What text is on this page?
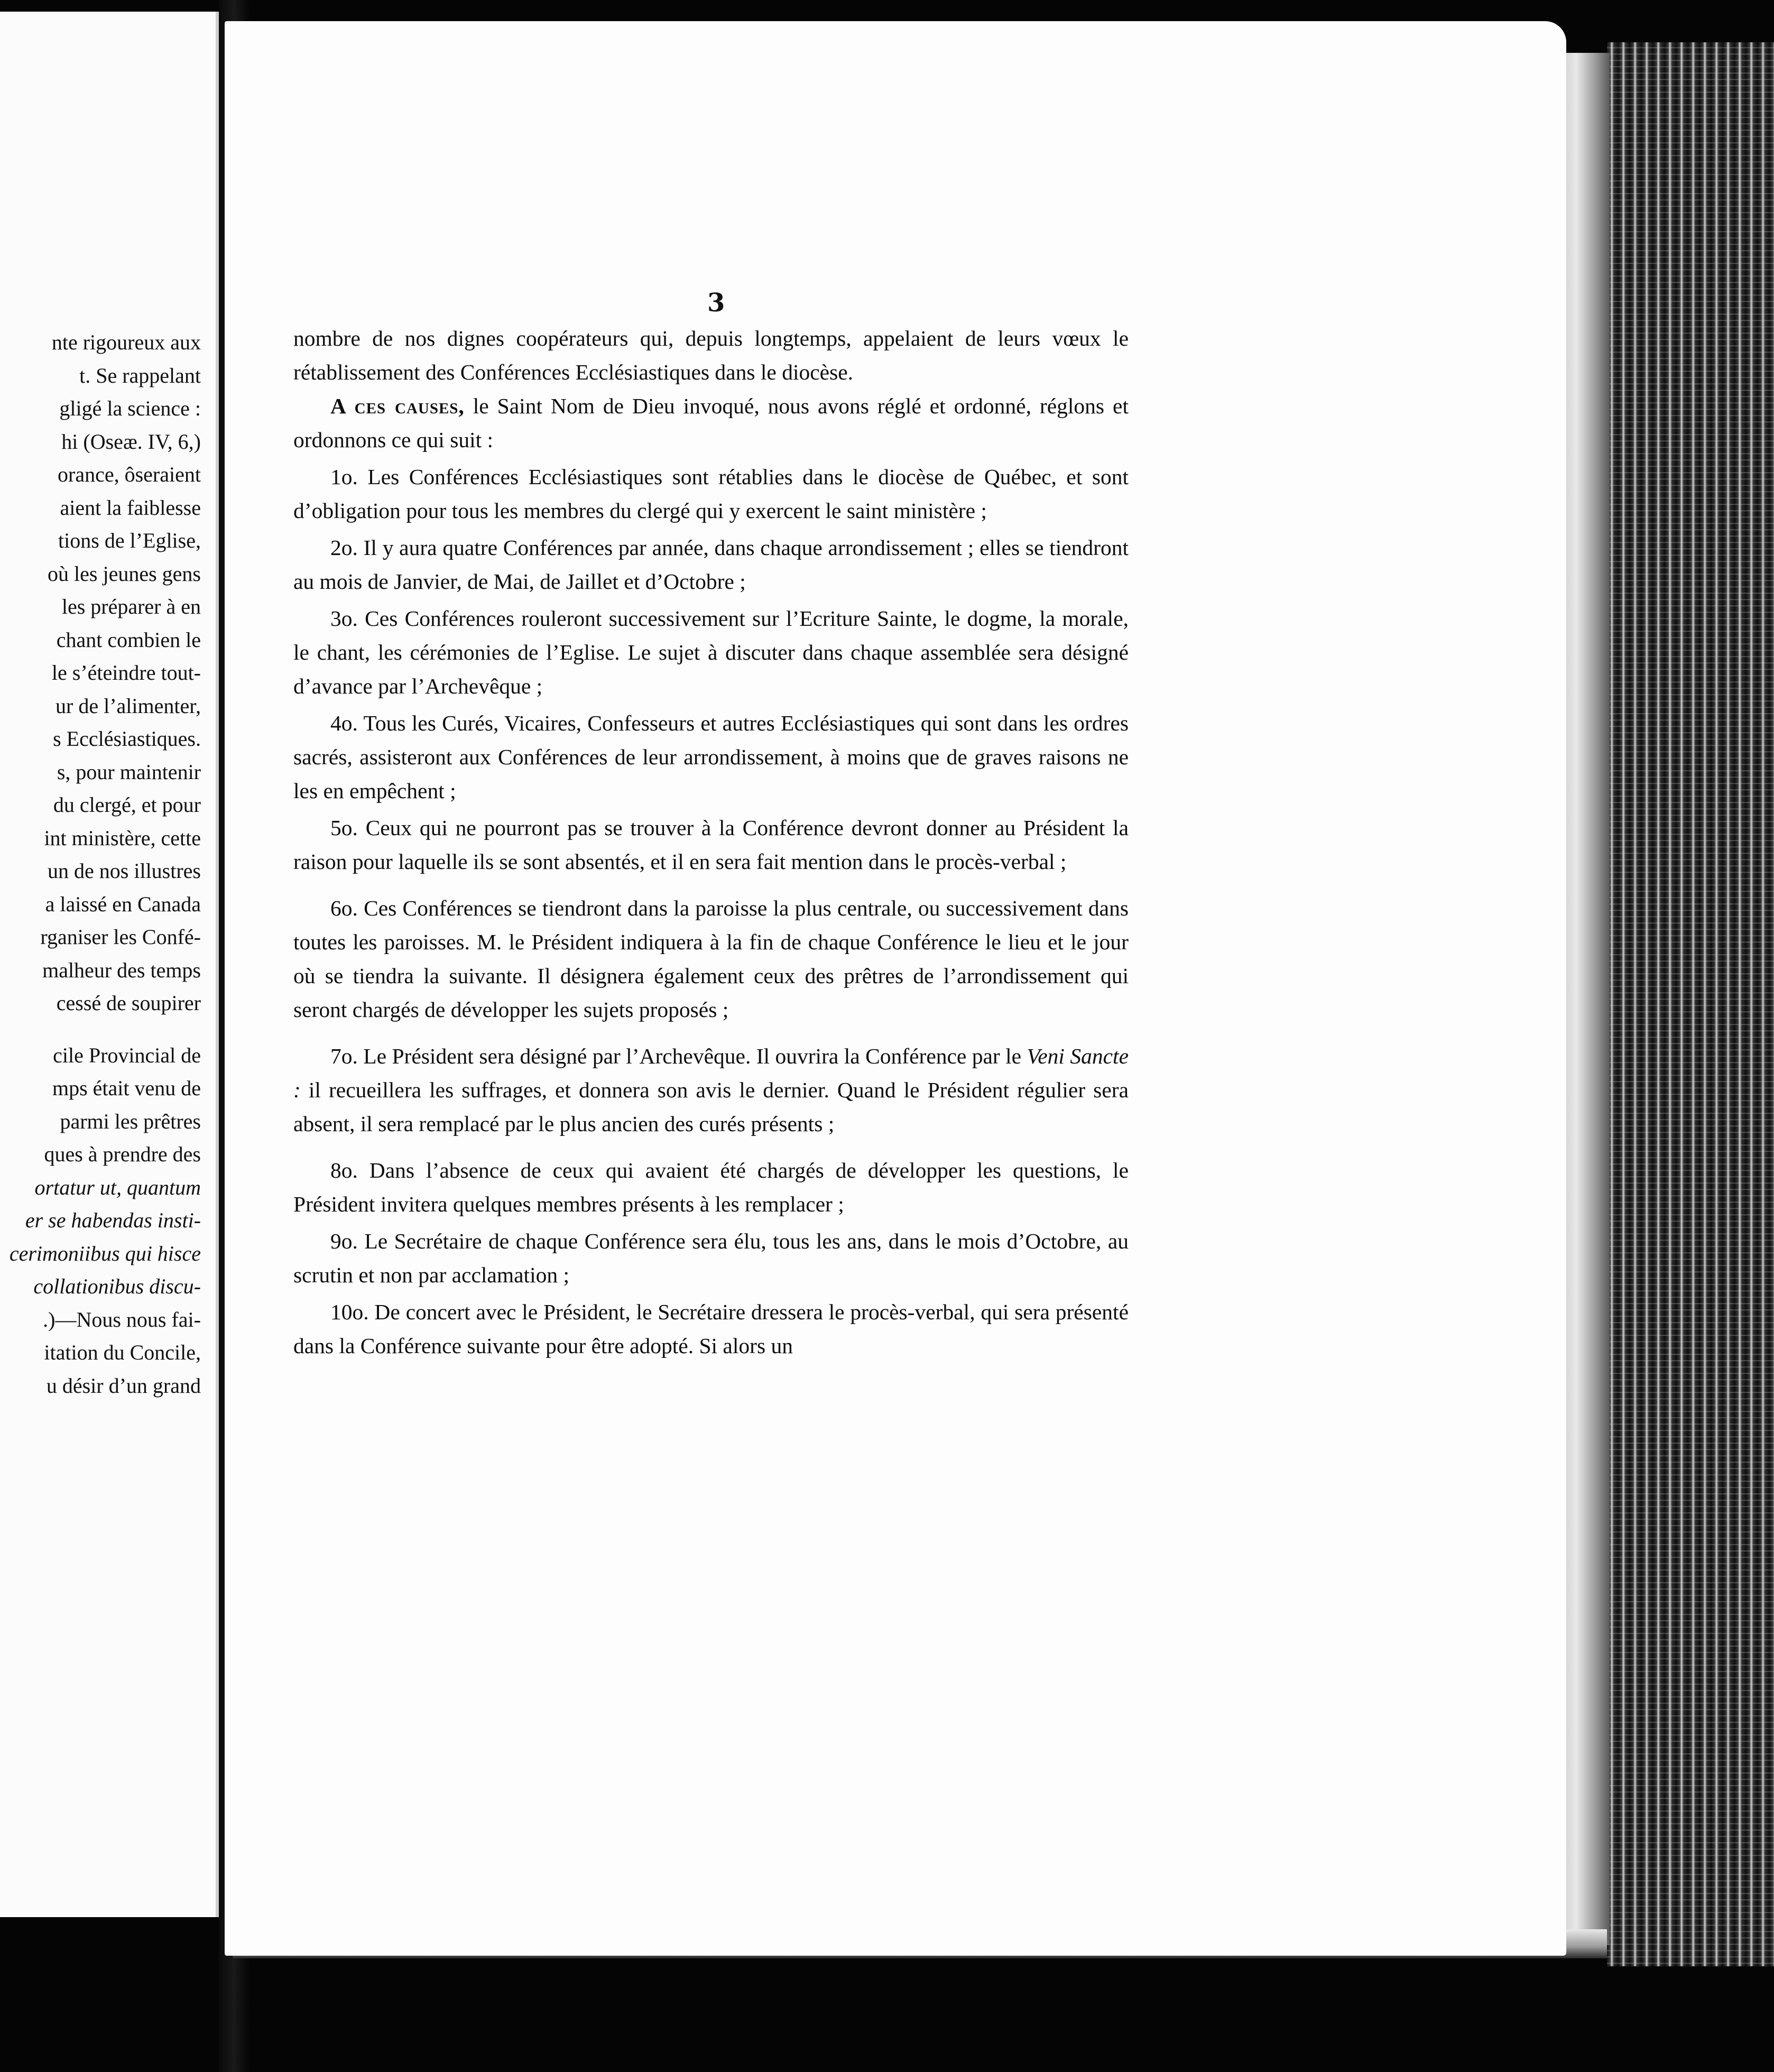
nte rigoureux aux
t. Se rappelant
gligé la science :
hi (Oseæ. IV, 6,)
orance, ôseraient
aient la faiblesse
tions de l’Eglise,
où les jeunes gens
les préparer à en
chant combien le
le s’éteindre tout-
ur de l’alimenter,
s Ecclésiastiques.
s, pour maintenir
du clergé, et pour
int ministère, cette
un de nos illustres
a laissé en Canada
rganiser les Confé-
malheur des temps
cessé de soupirer
cile Provincial de
mps était venu de
parmi les prêtres
ques à prendre des
ortatur ut, quantum
er se habendas insti-
cerimoniibus qui hisce
collationibus discu-
.)—Nous nous fai-
itation du Concile,
u désir d’un grand
3

nombre de nos dignes coopérateurs qui, depuis longtemps, appelaient de leurs vœux le rétablissement des Conférences Ecclésiastiques dans le diocèse.

A ces causes, le Saint Nom de Dieu invoqué, nous avons réglé et ordonné, réglons et ordonnons ce qui suit :

1o. Les Conférences Ecclésiastiques sont rétablies dans le diocèse de Québec, et sont d’obligation pour tous les membres du clergé qui y exercent le saint ministère ;

2o. Il y aura quatre Conférences par année, dans chaque arrondissement ; elles se tiendront au mois de Janvier, de Mai, de Jaillet et d’Octobre ;

3o. Ces Conférences rouleront successivement sur l’Ecriture Sainte, le dogme, la morale, le chant, les cérémonies de l’Eglise. Le sujet à discuter dans chaque assemblée sera désigné d’avance par l’Archevêque ;

4o. Tous les Curés, Vicaires, Confesseurs et autres Ecclésiastiques qui sont dans les ordres sacrés, assisteront aux Conférences de leur arrondissement, à moins que de graves raisons ne les en empêchent ;

5o. Ceux qui ne pourront pas se trouver à la Conférence devront donner au Président la raison pour laquelle ils se sont absentés, et il en sera fait mention dans le procès-verbal ;

6o. Ces Conférences se tiendront dans la paroisse la plus centrale, ou successivement dans toutes les paroisses. M. le Président indiquera à la fin de chaque Conférence le lieu et le jour où se tiendra la suivante. Il désignera également ceux des prêtres de l’arrondissement qui seront chargés de développer les sujets proposés ;

7o. Le Président sera désigné par l’Archevêque. Il ouvrira la Conférence par le Veni Sancte : il recueillera les suffrages, et donnera son avis le dernier. Quand le Président régulier sera absent, il sera remplacé par le plus ancien des curés présents ;

8o. Dans l’absence de ceux qui avaient été chargés de développer les questions, le Président invitera quelques membres présents à les remplacer ;

9o. Le Secrétaire de chaque Conférence sera élu, tous les ans, dans le mois d’Octobre, au scrutin et non par acclamation ;

10o. De concert avec le Président, le Secrétaire dressera le procès-verbal, qui sera présenté dans la Conférence suivante pour être adopté. Si alors un
